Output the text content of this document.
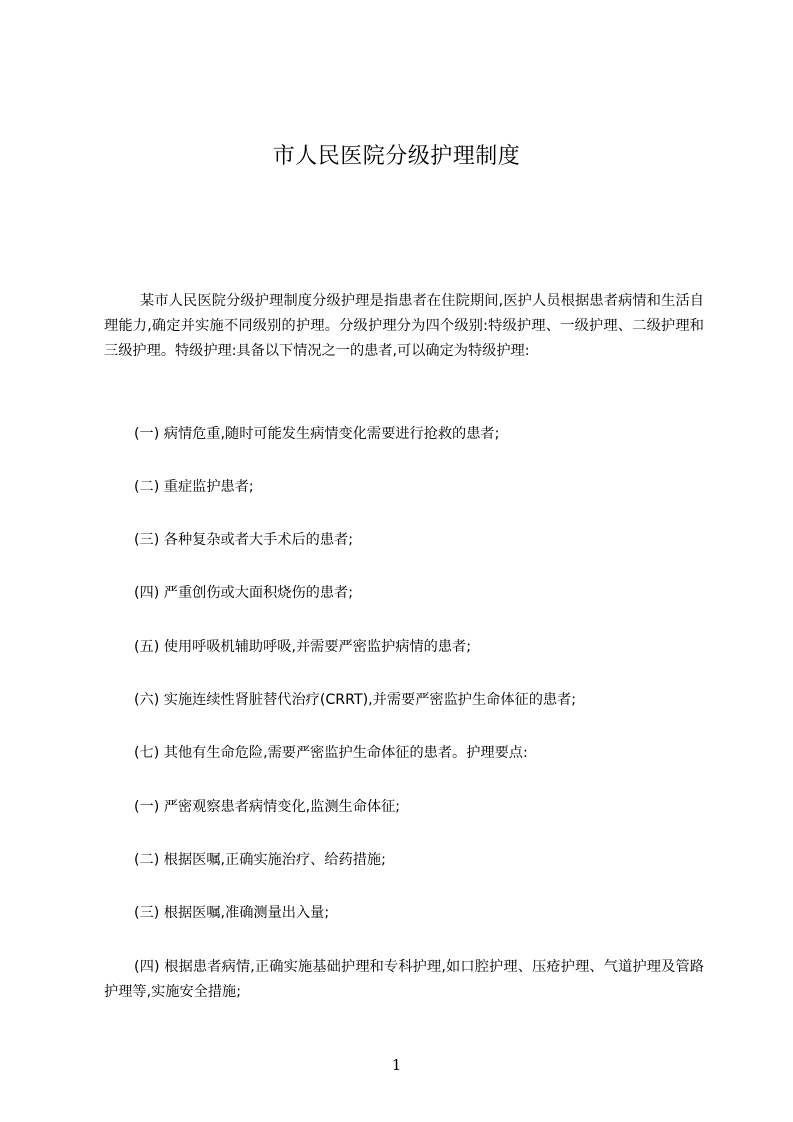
市人民医院分级护理制度
某市人民医院分级护理制度分级护理是指患者在住院期间,医护人员根据患者病情和生活自理能力,确定并实施不同级别的护理。分级护理分为四个级别:特级护理、一级护理、二级护理和三级护理。特级护理:具备以下情况之一的患者,可以确定为特级护理:
(一) 病情危重,随时可能发生病情变化需要进行抢救的患者;
(二) 重症监护患者;
(三) 各种复杂或者大手术后的患者;
(四) 严重创伤或大面积烧伤的患者;
(五) 使用呼吸机辅助呼吸,并需要严密监护病情的患者;
(六) 实施连续性肾脏替代治疗(CRRT),并需要严密监护生命体征的患者;
(七) 其他有生命危险,需要严密监护生命体征的患者。护理要点:
(一) 严密观察患者病情变化,监测生命体征;
(二) 根据医嘱,正确实施治疗、给药措施;
(三) 根据医嘱,准确测量出入量;
(四) 根据患者病情,正确实施基础护理和专科护理,如口腔护理、压疮护理、气道护理及管路护理等,实施安全措施;
1
